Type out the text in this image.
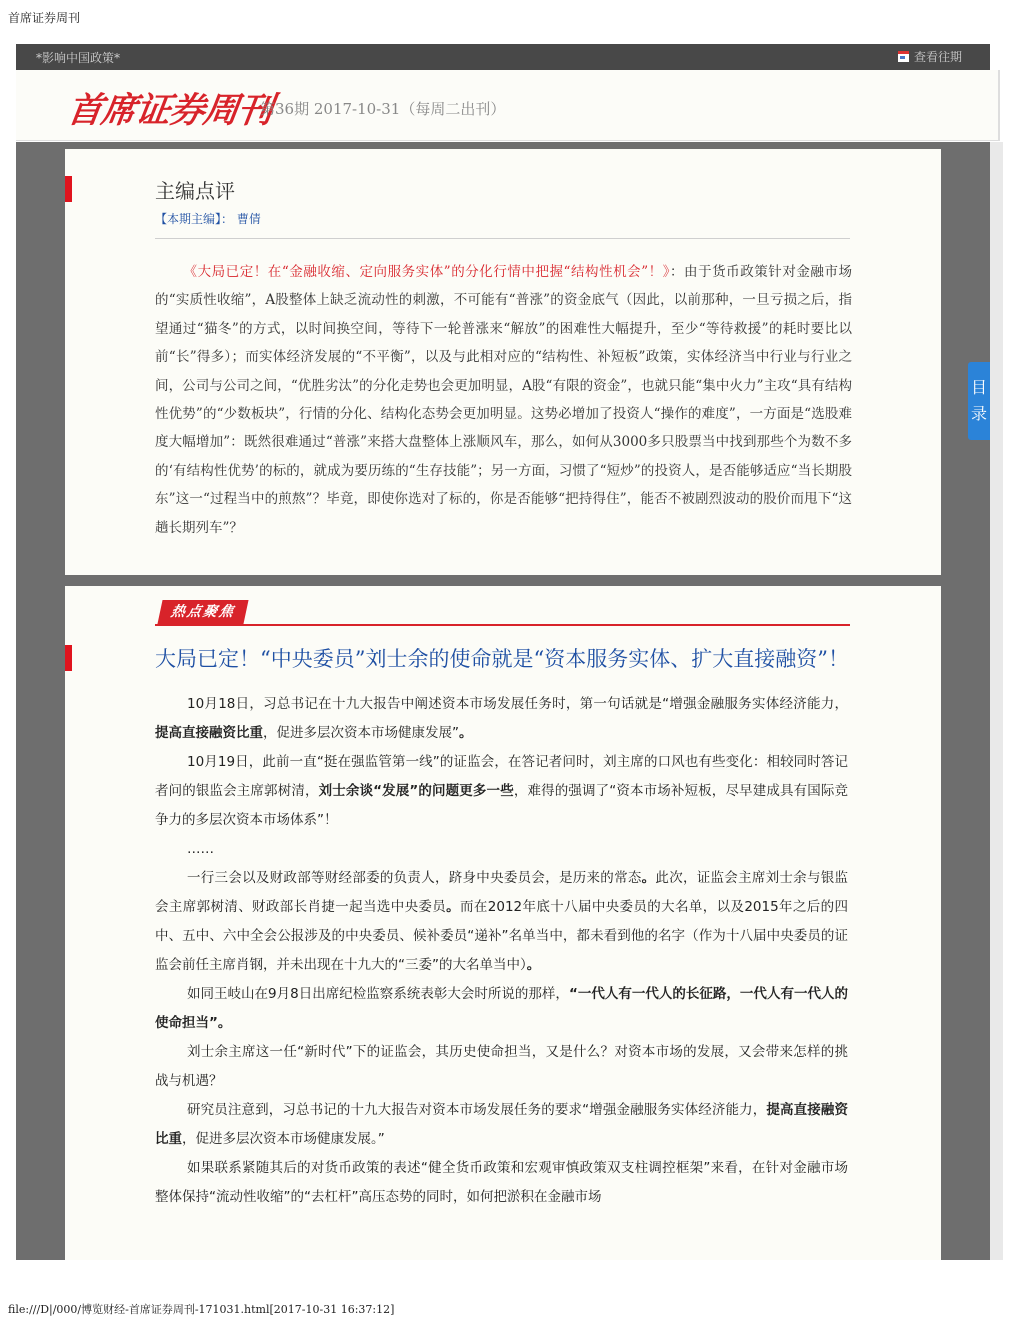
首席证券周刊
*影响中国政策*	查看往期
首席证券周刊
第36期 2017-10-31（每周二出刊）
主编点评
【本期主编】： 曹倩
《大局已定！在“金融收缩、定向服务实体”的分化行情中把握“结构性机会”！》：由于货币政策针对金融市场的“实质性收缩”，A股整体上缺乏流动性的刺激，不可能有“普涨”的资金底气（因此，以前那种，一旦亏损之后，指望通过“猫冬”的方式，以时间换空间，等待下一轮普涨来“解放”的困难性大幅提升，至少“等待救援”的耗时要比以前“长”得多）；而实体经济发展的“不平衡”，以及与此相对应的“结构性、补短板”政策，实体经济当中行业与行业之间，公司与公司之间，“优胜劣汰”的分化走势也会更加明显，A股“有限的资金”，也就只能“集中火力”主攻“具有结构性优势”的“少数板块”，行情的分化、结构化态势会更加明显。这势必增加了投资人“操作的难度”，一方面是“选股难度大幅增加”：既然很难通过“普涨”来搭大盘整体上涨顺风车，那么，如何从3000多只股票当中找到那些个为数不多的‘有结构性优势’的标的，就成为要历练的“生存技能”；另一方面，习惯了“短炒”的投资人，是否能够适应“当长期股东”这一“过程当中的煎熬”？毕竟，即使你选对了标的，你是否能够“把持得住”，能否不被剧烈波动的股价而甩下“这趟长期列车”？
热点聚焦
大局已定！“中央委员”刘士余的使命就是“资本服务实体、扩大直接融资”！

10月18日，习总书记在十九大报告中阐述资本市场发展任务时，第一句话就是“增强金融服务实体经济能力，提高直接融资比重，促进多层次资本市场健康发展”。

10月19日，此前一直“挺在强监管第一线”的证监会，在答记者问时，刘主席的口风也有些变化：相较同时答记者问的银监会主席郭树清，刘士余谈“发展”的问题更多一些，难得的强调了“资本市场补短板，尽早建成具有国际竞争力的多层次资本市场体系”！

……

一行三会以及财政部等财经部委的负责人，跻身中央委员会，是历来的常态。此次，证监会主席刘士余与银监会主席郭树清、财政部长肖捷一起当选中央委员。而在2012年底十八届中央委员的大名单，以及2015年之后的四中、五中、六中全会公报涉及的中央委员、候补委员“递补”名单当中，都未看到他的名字（作为十八届中央委员的证监会前任主席肖钢，并未出现在十九大的“三委”的大名单当中）。

如同王岐山在9月8日出席纪检监察系统表彰大会时所说的那样，“一代人有一代人的长征路，一代人有一代人的使命担当”。

刘士余主席这一任“新时代”下的证监会，其历史使命担当，又是什么？对资本市场的发展，又会带来怎样的挑战与机遇？

研究员注意到，习总书记的十九大报告对资本市场发展任务的要求“增强金融服务实体经济能力，提高直接融资比重，促进多层次资本市场健康发展。”

如果联系紧随其后的对货币政策的表述“健全货币政策和宏观审慎政策双支柱调控框架”来看，在针对金融市场整体保持“流动性收缩”的“去杠杆”高压态势的同时，如何把淤积在金融市场

目
录
file:///D|/000/博览财经-首席证券周刊-171031.html[2017-10-31 16:37:12]
